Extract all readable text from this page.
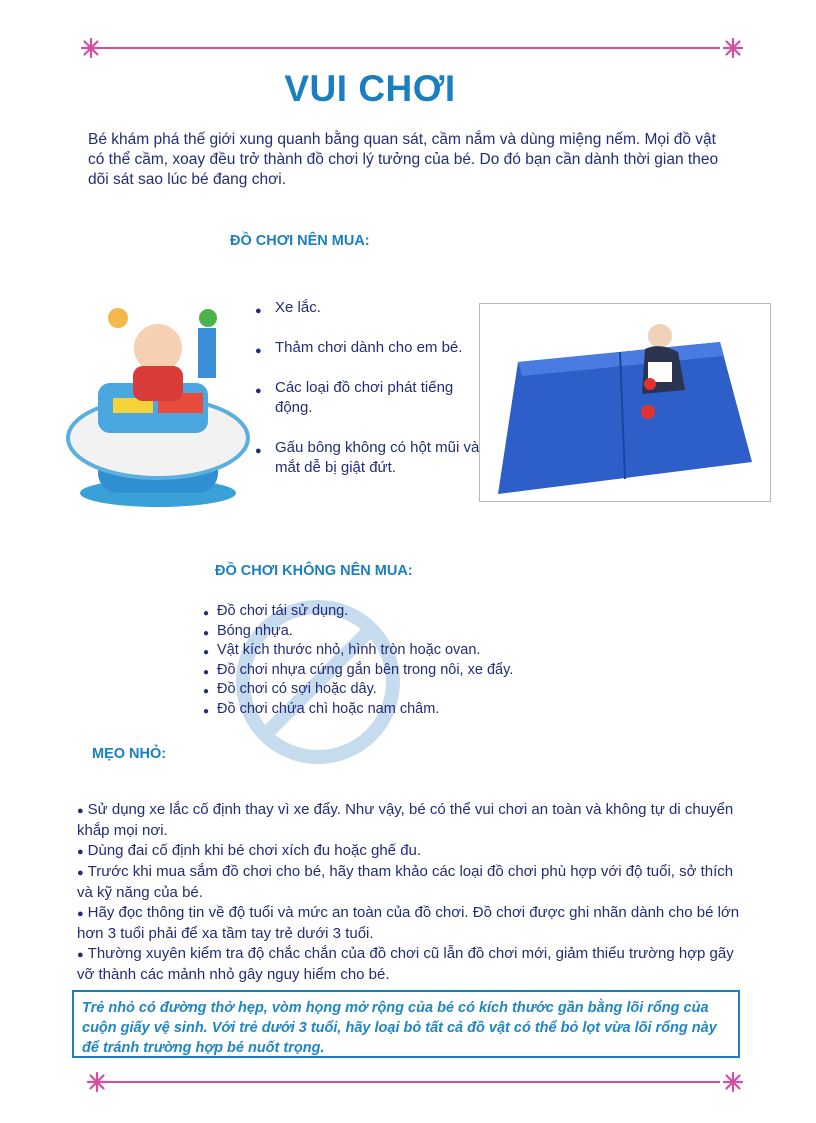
VUI CHƠI
Bé khám phá thế giới xung quanh bằng quan sát, cầm nắm và dùng miệng nếm. Mọi đồ vật có thể cầm, xoay đều trở thành đồ chơi lý tưởng của bé. Do đó bạn cần dành thời gian theo dõi sát sao lúc bé đang chơi.
ĐỒ CHƠI NÊN MUA:
● Xe lắc.
● Thảm chơi dành cho em bé.
● Các loại đồ chơi phát tiếng động.
● Gấu bông không có hột mũi và mắt dễ bị giật đứt.
ĐỒ CHƠI KHÔNG NÊN MUA:
● Đồ chơi tái sử dụng.
● Bóng nhựa.
● Vật kích thước nhỏ, hình tròn hoặc ovan.
● Đồ chơi nhựa cứng gắn bên trong nôi, xe đẩy.
● Đồ chơi có sợi hoặc dây.
● Đồ chơi chứa chì hoặc nam châm.
MẸO NHỎ:
● Sử dụng xe lắc cố định thay vì xe đẩy. Như vậy, bé có thể vui chơi an toàn và không tự di chuyển khắp mọi nơi.
● Dùng đai cố định khi bé chơi xích đu hoặc ghế đu.
● Trước khi mua sắm đồ chơi cho bé, hãy tham khảo các loại đồ chơi phù hợp với độ tuổi, sở thích và kỹ năng của bé.
● Hãy đọc thông tin về độ tuổi và mức an toàn của đồ chơi. Đồ chơi được ghi nhãn dành cho bé lớn hơn 3 tuổi phải để xa tầm tay trẻ dưới 3 tuổi.
● Thường xuyên kiểm tra độ chắc chắn của đồ chơi cũ lẫn đồ chơi mới, giảm thiểu trường hợp gãy vỡ thành các mảnh nhỏ gây nguy hiểm cho bé.
Trẻ nhỏ có đường thở hẹp, vòm họng mở rộng của bé có kích thước gần bằng lõi rổng của cuộn giấy vệ sinh. Với trẻ dưới 3 tuổi, hãy loại bỏ tất cả đồ vật có thể bỏ lọt vừa lõi rổng này để tránh trường hợp bé nuốt trọng.
